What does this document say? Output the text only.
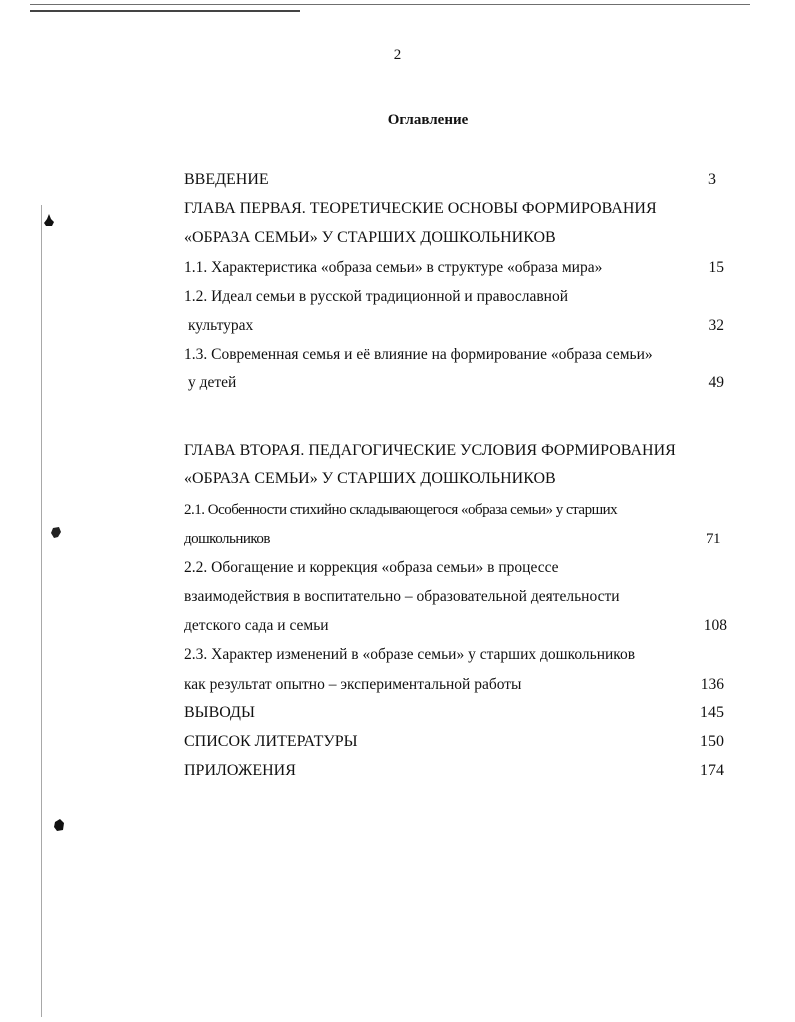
2
Оглавление
ВВЕДЕНИЕ	3
ГЛАВА ПЕРВАЯ. ТЕОРЕТИЧЕСКИЕ ОСНОВЫ ФОРМИРОВАНИЯ
«ОБРАЗА СЕМЬИ» У СТАРШИХ ДОШКОЛЬНИКОВ
1.1. Характеристика «образа семьи» в структуре «образа мира»	15
1.2. Идеал семьи в русской традиционной и православной
культурах	32
1.3. Современная семья и её влияние на формирование «образа семьи»
у детей	49
ГЛАВА ВТОРАЯ. ПЕДАГОГИЧЕСКИЕ УСЛОВИЯ ФОРМИРОВАНИЯ
«ОБРАЗА СЕМЬИ» У СТАРШИХ ДОШКОЛЬНИКОВ
2.1. Особенности стихийно складывающегося «образа семьи» у старших
дошкольников	71
2.2. Обогащение и коррекция «образа семьи» в процессе
взаимодействия в воспитательно – образовательной деятельности
детского сада и семьи	108
2.3. Характер изменений в «образе семьи» у старших дошкольников
как результат опытно – экспериментальной работы	136
ВЫВОДЫ	145
СПИСОК ЛИТЕРАТУРЫ	150
ПРИЛОЖЕНИЯ	174
